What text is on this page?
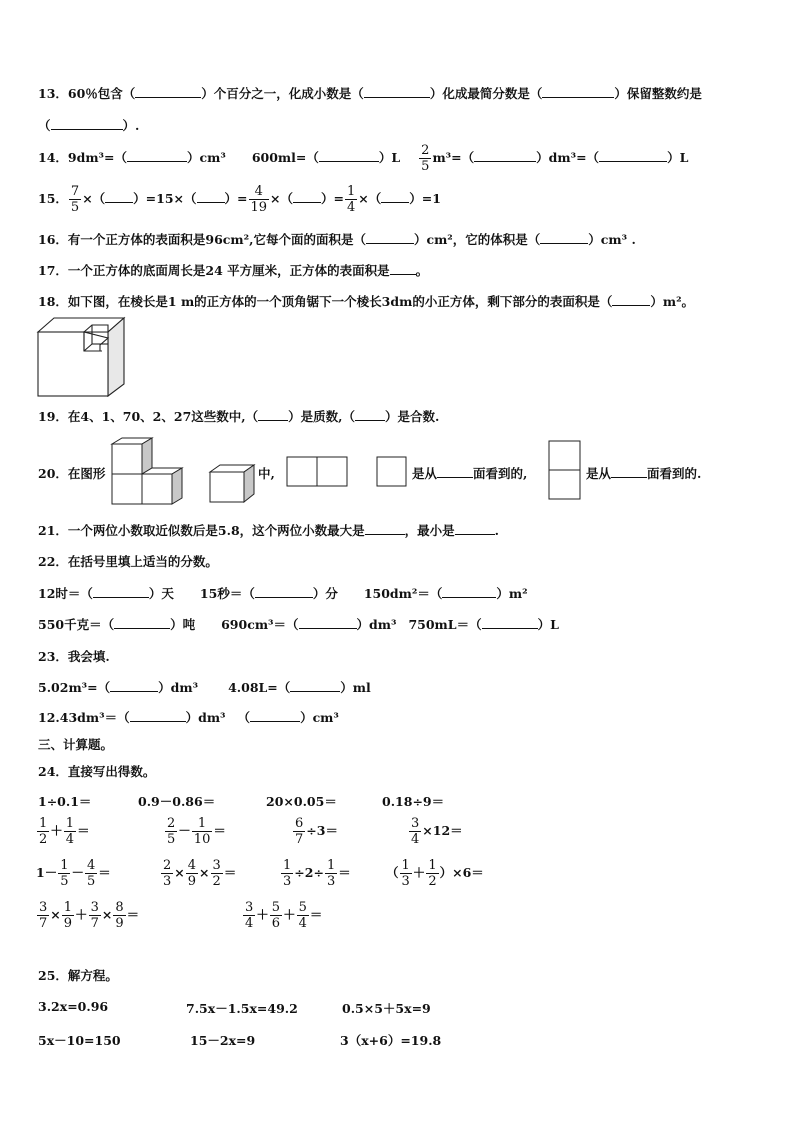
13．60％包含（	）个百分之一，化成小数是（	）化成最简分数是（	）保留整数约是
（	）.
14．9dm³=（	）cm³ 600ml=（	）$L \frac{2}{5} m^3=$（	）dm³=（	）L
15． $\frac{7}{5}$ ×（ ）=15×（ ）= $\frac{4}{19}$ ×（ ）= $\frac{1}{4}$ ×（ ）=1
16．有一个正方体的表面积是96cm²,它每个面的面积是（	）cm²，它的体积是（	）cm³ .
17．一个正方体的底面周长是24 平方厘米，正方体的表面积是 。
18．如下图，在棱长是1 m的正方体的一个顶角锯下一个棱长3dm的小正方体，剩下部分的表面积是（	）m²。
19．在4、1、70、2、27这些数中,（ ）是质数,（ ）是合数.
20．在图形	中,	是从	面看到的,	是从	面看到的.
21．一个两位小数取近似数后是5.8，这个两位小数最大是	，最小是	.
22．在括号里填上适当的分数。
12时＝（	）天 15秒＝（	）分 150dm²＝（	）m²
550千克＝（	）吨 690cm³＝（	）dm³ 750mL＝（	）L
23．我会填.
5.02m³=（	）dm³ 4.08L=（	）ml
12.43dm³＝（	）dm³ （	）cm³
三、计算题。
24．直接写出得数。
1÷0.1＝	0.9－0.86＝	20×0.05＝	0.18÷9＝
$\frac{1}{2} + \frac{1}{4}$ ＝	$\frac{2}{5} - \frac{1}{10}$ ＝	$\frac{6}{7} \div 3=$	$\frac{3}{4} \times 12=$
$1- \frac{1}{5} - \frac{4}{5}$ ＝	$\frac{2}{3} \times \frac{4}{9} \times \frac{3}{2}$ ＝	$\frac{1}{3} \div 2\div \frac{1}{3}$ ＝	（ $\frac{1}{3} + \frac{1}{2} )\times 6=$
$\frac{3}{7} \times \frac{1}{9} + \frac{3}{7} \times \frac{8}{9}$ ＝	$\frac{3}{4} + \frac{5}{6} + \frac{5}{4}$ ＝
25．解方程。
3.2x=0.96	7.5x－1.5x=49.2	0.5×5＋5x=9
5x－10=150	15－2x=9	3（x+6）=19.8
